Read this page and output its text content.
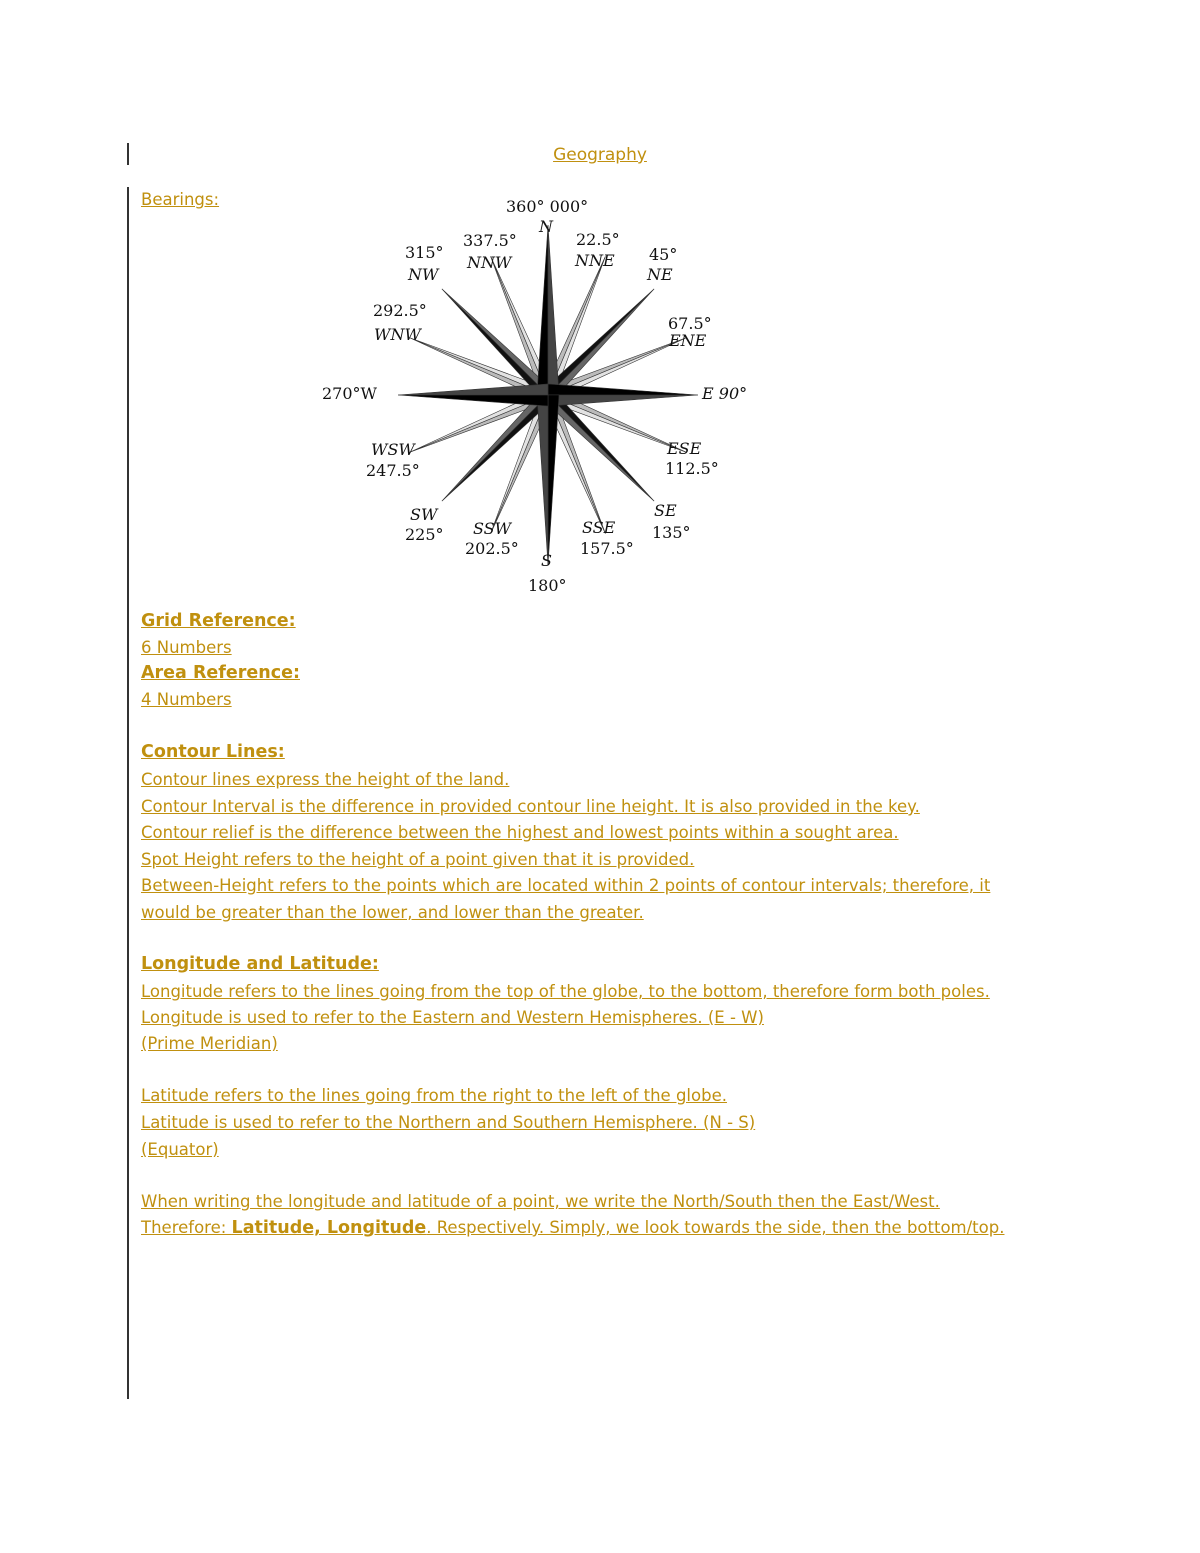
Geography
Bearings:	360° 000°
N
337.5°
NNW
315°
NW
22.5°
NNE 45°
NE
292.5°
WNW
67.5°
ENE
270°W	E 90°
WSW
247.5°
ESE
112.5°
SW
225°
SE
135°
SSW
202.5°
SSE
157.5°
S
180°
Grid Reference:
6 Numbers
Area Reference:
4 Numbers
Contour Lines:
Contour lines express the height of the land.
Contour Interval is the difference in provided contour line height. It is also provided in the key.
Contour relief is the difference between the highest and lowest points within a sought area.
Spot Height refers to the height of a point given that it is provided.
Between-Height refers to the points which are located within 2 points of contour intervals; therefore, it
would be greater than the lower, and lower than the greater.
Longitude and Latitude:
Longitude refers to the lines going from the top of the globe, to the bottom, therefore form both poles.
Longitude is used to refer to the Eastern and Western Hemispheres. (E - W)
(Prime Meridian)
Latitude refers to the lines going from the right to the left of the globe.
Latitude is used to refer to the Northern and Southern Hemisphere. (N - S)
(Equator)
When writing the longitude and latitude of a point, we write the North/South then the East/West.
Therefore: Latitude, Longitude. Respectively. Simply, we look towards the side, then the bottom/top.
